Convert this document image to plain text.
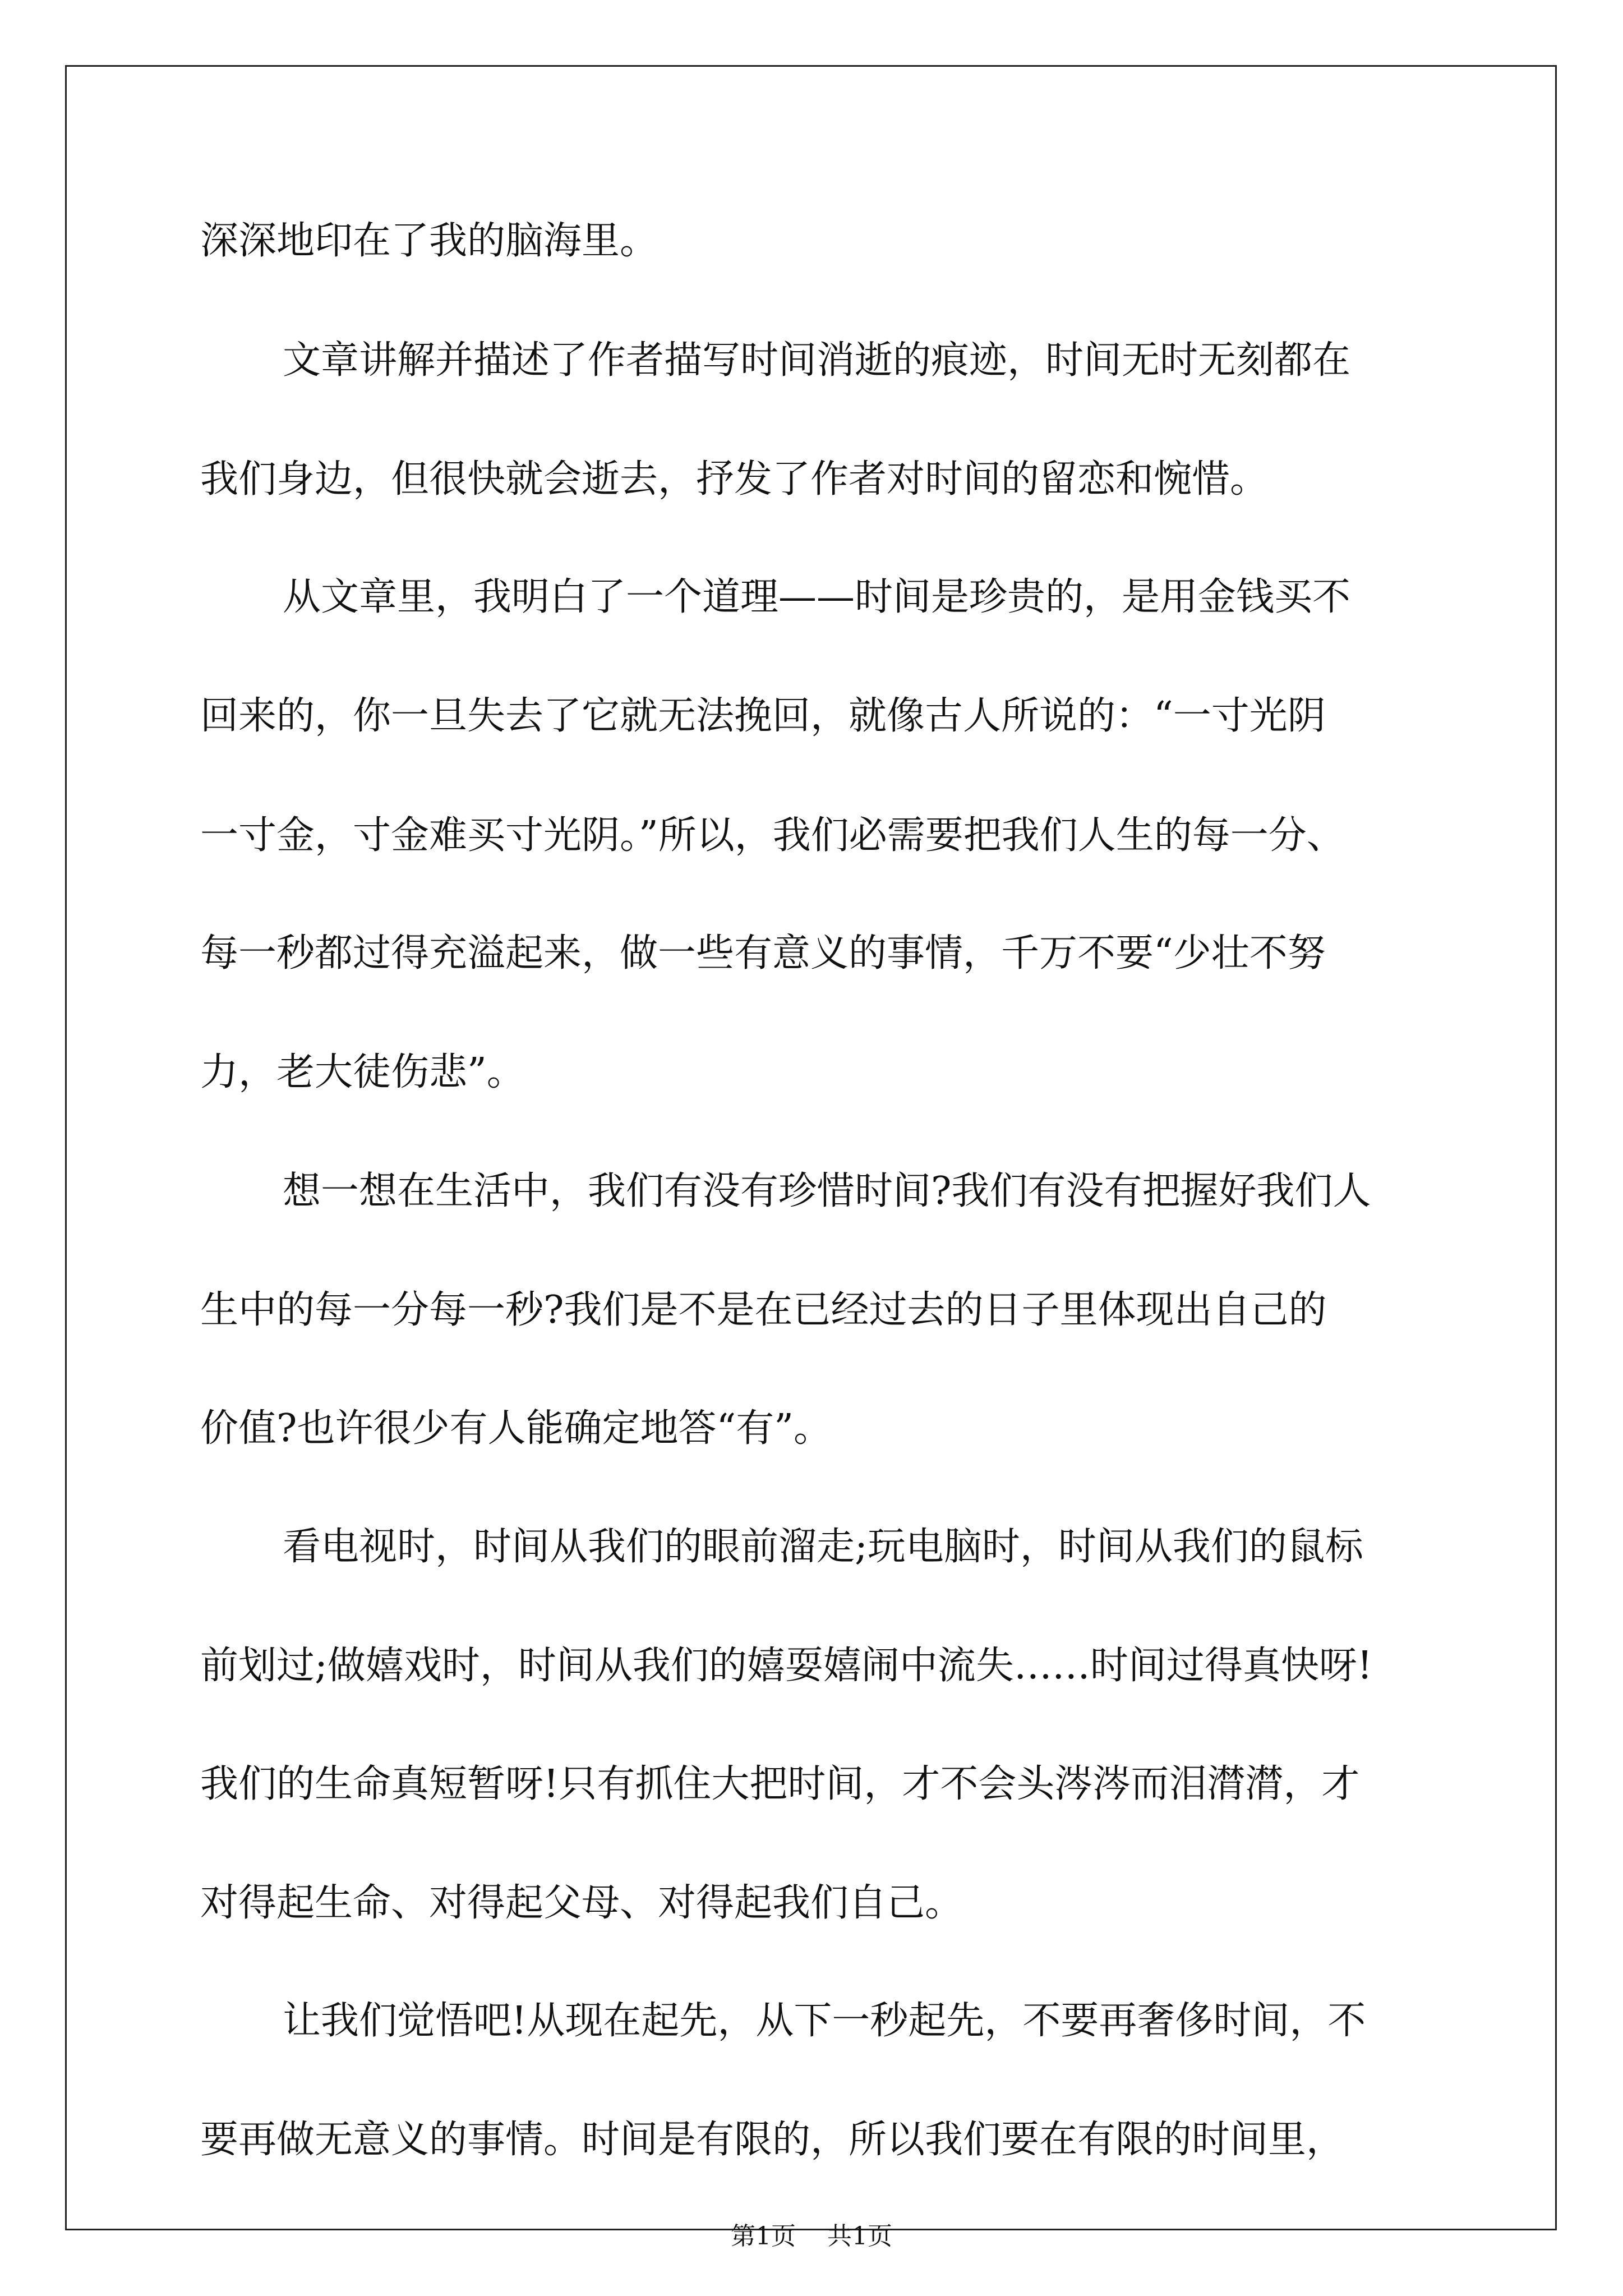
深深地印在了我的脑海里。
文章讲解并描述了作者描写时间消逝的痕迹，时间无时无刻都在
我们身边，但很快就会逝去，抒发了作者对时间的留恋和惋惜。
从文章里，我明白了一个道理——时间是珍贵的，是用金钱买不
回来的，你一旦失去了它就无法挽回，就像古人所说的：“一寸光阴
一寸金，寸金难买寸光阴。”所以，我们必需要把我们人生的每一分、
每一秒都过得充溢起来，做一些有意义的事情，千万不要“少壮不努
力，老大徒伤悲”。
想一想在生活中，我们有没有珍惜时间?我们有没有把握好我们人
生中的每一分每一秒?我们是不是在已经过去的日子里体现出自己的
价值?也许很少有人能确定地答“有”。
看电视时，时间从我们的眼前溜走;玩电脑时，时间从我们的鼠标
前划过;做嬉戏时，时间从我们的嬉耍嬉闹中流失……时间过得真快呀!
我们的生命真短暂呀!只有抓住大把时间，才不会头涔涔而泪潸潸，才
对得起生命、对得起父母、对得起我们自己。
让我们觉悟吧!从现在起先，从下一秒起先，不要再奢侈时间，不
要再做无意义的事情。时间是有限的，所以我们要在有限的时间里，
第1页 共1页
